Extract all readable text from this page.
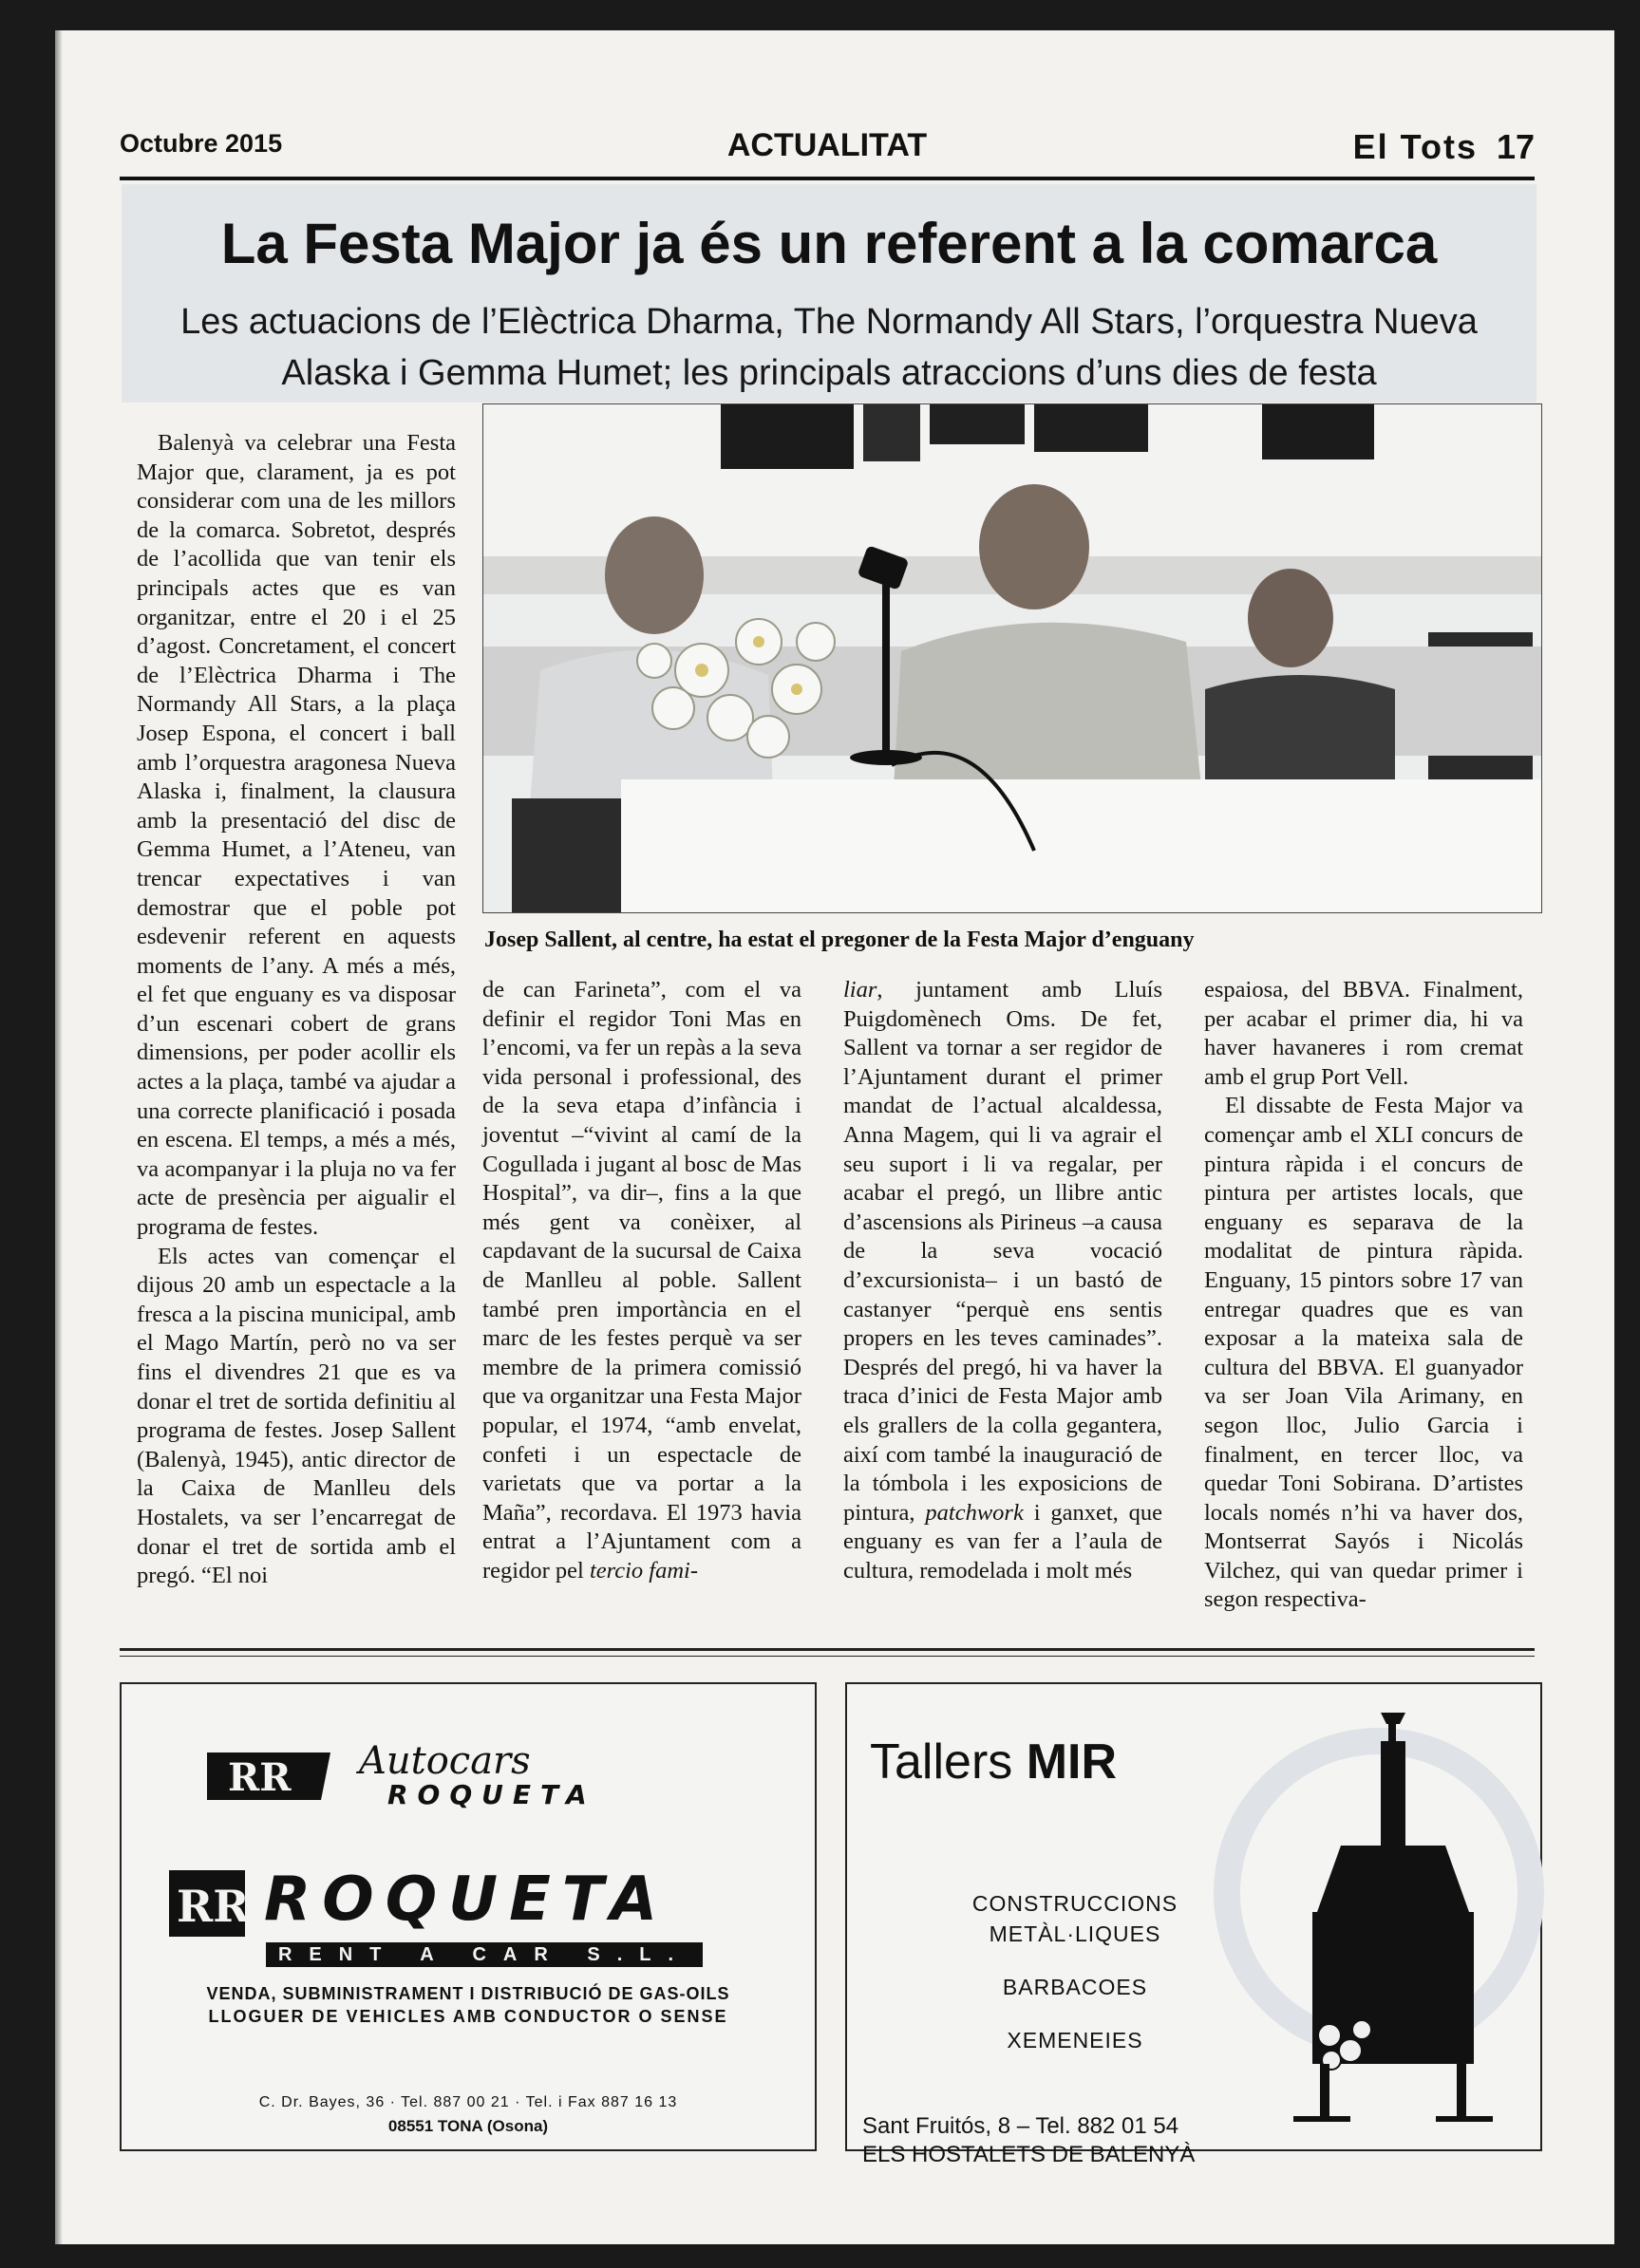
Octubre 2015	ACTUALITAT	El Tots 17
La Festa Major ja és un referent a la comarca
Les actuacions de l’Elèctrica Dharma, The Normandy All Stars, l’orquestra Nueva Alaska i Gemma Humet; les principals atraccions d’uns dies de festa

Balenyà va celebrar una Festa Major que, clarament, ja es pot considerar com una de les millors de la comarca. Sobretot, després de l’acollida que van tenir els principals actes que es van organitzar, entre el 20 i el 25 d’agost. Concretament, el concert de l’Elèctrica Dharma i The Normandy All Stars, a la plaça Josep Espona, el concert i ball amb l’orquestra aragonesa Nueva Alaska i, finalment, la clausura amb la presentació del disc de Gemma Humet, a l’Ateneu, van trencar expectatives i van demostrar que el poble pot esdevenir referent en aquests moments de l’any. A més a més, el fet que enguany es va disposar d’un escenari cobert de grans dimensions, per poder acollir els actes a la plaça, també va ajudar a una correcte planificació i posada en escena. El temps, a més a més, va acompanyar i la pluja no va fer acte de presència per aigualir el programa de festes.

Els actes van començar el dijous 20 amb un espectacle a la fresca a la piscina municipal, amb el Mago Martín, però no va ser fins el divendres 21 que es va donar el tret de sortida definitiu al programa de festes. Josep Sallent (Balenyà, 1945), antic director de la Caixa de Manlleu dels Hostalets, va ser l’encarregat de donar el tret de sortida amb el pregó. “El noi

Josep Sallent, al centre, ha estat el pregoner de la Festa Major d’enguany

de can Farineta”, com el va definir el regidor Toni Mas en l’encomi, va fer un repàs a la seva vida personal i professional, des de la seva etapa d’infància i joventut –“vivint al camí de la Cogullada i jugant al bosc de Mas Hospital”, va dir–, fins a la que més gent va conèixer, al capdavant de la sucursal de Caixa de Manlleu al poble. Sallent també pren importància en el marc de les festes perquè va ser membre de la primera comissió que va organitzar una Festa Major popular, el 1974, “amb envelat, confeti i un espectacle de varietats que va portar a la Maña”, recordava. El 1973 havia entrat a l’Ajuntament com a regidor pel tercio fami-

liar, juntament amb Lluís Puigdomènech Oms. De fet, Sallent va tornar a ser regidor de l’Ajuntament durant el primer mandat de l’actual alcaldessa, Anna Magem, qui li va agrair el seu suport i li va regalar, per acabar el pregó, un llibre antic d’ascensions als Pirineus –a causa de la seva vocació d’excursionista– i un bastó de castanyer “perquè ens sentis propers en les teves caminades”. Després del pregó, hi va haver la traca d’inici de Festa Major amb els grallers de la colla gegantera, així com també la inauguració de la tómbola i les exposicions de pintura, patchwork i ganxet, que enguany es van fer a l’aula de cultura, remodelada i molt més

espaiosa, del BBVA. Finalment, per acabar el primer dia, hi va haver havaneres i rom cremat amb el grup Port Vell.

El dissabte de Festa Major va començar amb el XLI concurs de pintura ràpida i el concurs de pintura per artistes locals, que enguany es separava de la modalitat de pintura ràpida. Enguany, 15 pintors sobre 17 van entregar quadres que es van exposar a la mateixa sala de cultura del BBVA. El guanyador va ser Joan Vila Arimany, en segon lloc, Julio Garcia i finalment, en tercer lloc, va quedar Toni Sobirana. D’artistes locals només n’hi va haver dos, Montserrat Sayós i Nicolás Vilchez, qui van quedar primer i segon respectiva-

RR Autocars
ROQUETA
RR ROQUETA
RENT A CAR S.L.
VENDA, SUBMINISTRAMENT I DISTRIBUCIÓ DE GAS-OILS
LLOGUER DE VEHICLES AMB CONDUCTOR O SENSE
C. Dr. Bayes, 36 · Tel. 887 00 21 · Tel. i Fax 887 16 13
08551 TONA (Osona)
Tallers MIR
CONSTRUCCIONS
METÀL·LIQUES
BARBACOES
XEMENEIES
Sant Fruitós, 8 – Tel. 882 01 54
ELS HOSTALETS DE BALENYÀ
